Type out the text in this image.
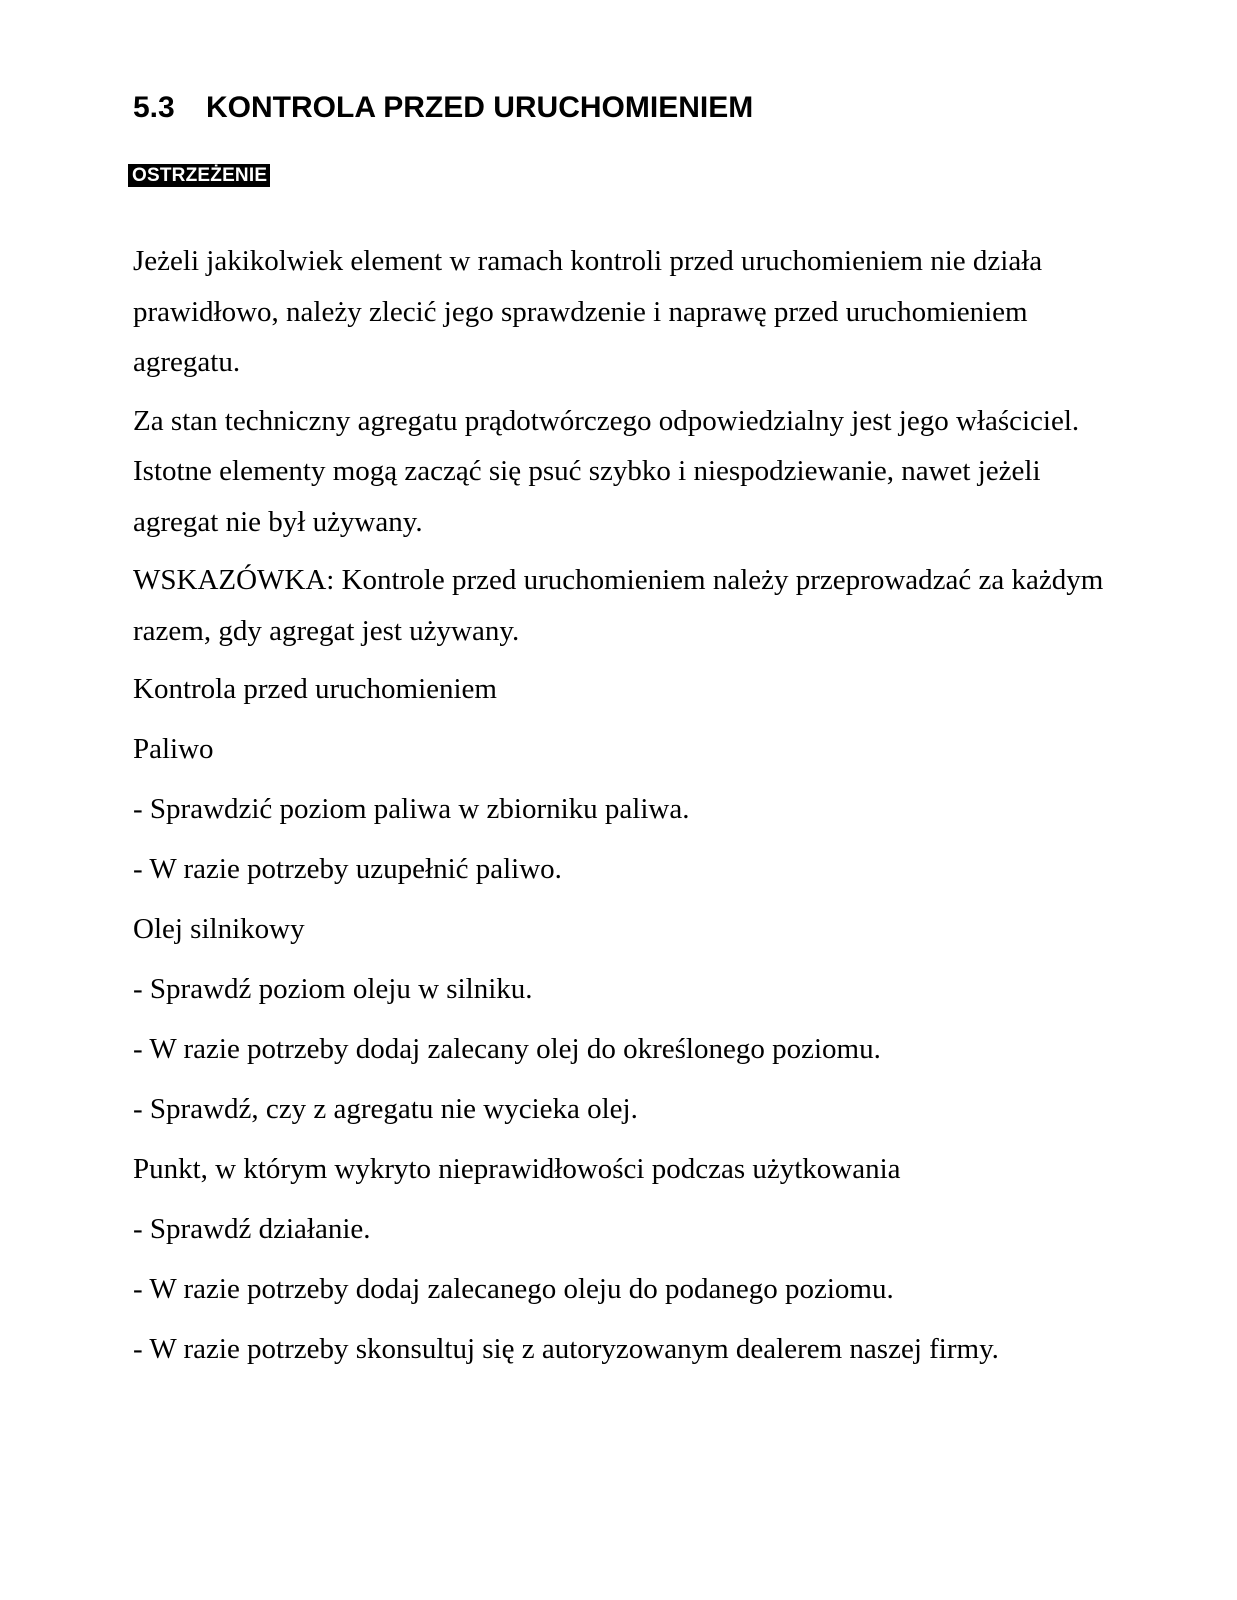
5.3 KONTROLA PRZED URUCHOMIENIEM
OSTRZEŻENIE

Jeżeli jakikolwiek element w ramach kontroli przed uruchomieniem nie działa prawidłowo, należy zlecić jego sprawdzenie i naprawę przed uruchomieniem agregatu.

Za stan techniczny agregatu prądotwórczego odpowiedzialny jest jego właściciel. Istotne elementy mogą zacząć się psuć szybko i niespodziewanie, nawet jeżeli agregat nie był używany.

WSKAZÓWKA: Kontrole przed uruchomieniem należy przeprowadzać za każdym razem, gdy agregat jest używany.

Kontrola przed uruchomieniem

Paliwo

- Sprawdzić poziom paliwa w zbiorniku paliwa.

- W razie potrzeby uzupełnić paliwo.

Olej silnikowy

- Sprawdź poziom oleju w silniku.

- W razie potrzeby dodaj zalecany olej do określonego poziomu.

- Sprawdź, czy z agregatu nie wycieka olej.

Punkt, w którym wykryto nieprawidłowości podczas użytkowania

- Sprawdź działanie.

- W razie potrzeby dodaj zalecanego oleju do podanego poziomu.

- W razie potrzeby skonsultuj się z autoryzowanym dealerem naszej firmy.
